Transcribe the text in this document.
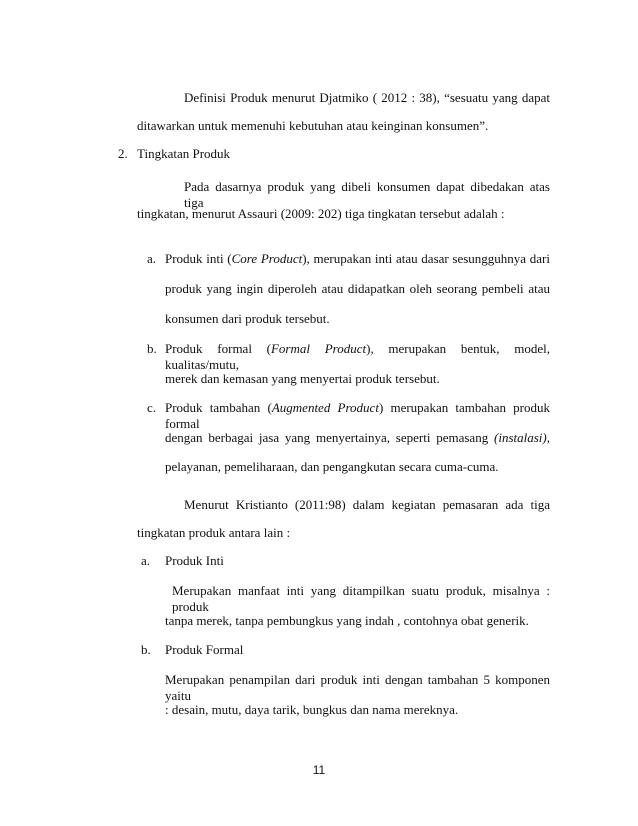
Definisi Produk menurut Djatmiko ( 2012 : 38), “sesuatu yang dapat
ditawarkan untuk memenuhi kebutuhan atau keinginan konsumen”.
2. Tingkatan Produk
Pada dasarnya produk yang dibeli konsumen dapat dibedakan atas tiga
tingkatan, menurut Assauri (2009: 202) tiga tingkatan tersebut adalah :
a. Produk inti (Core Product), merupakan inti atau dasar sesungguhnya dari
produk yang ingin diperoleh atau didapatkan oleh seorang pembeli atau
konsumen dari produk tersebut.
b. Produk formal (Formal Product), merupakan bentuk, model, kualitas/mutu,
merek dan kemasan yang menyertai produk tersebut.
c. Produk tambahan (Augmented Product) merupakan tambahan produk formal
dengan berbagai jasa yang menyertainya, seperti pemasang (instalasi),
pelayanan, pemeliharaan, dan pengangkutan secara cuma-cuma.
Menurut Kristianto (2011:98) dalam kegiatan pemasaran ada tiga
tingkatan produk antara lain :
a. Produk Inti
Merupakan manfaat inti yang ditampilkan suatu produk, misalnya : produk
tanpa merek, tanpa pembungkus yang indah , contohnya obat generik.
b. Produk Formal
Merupakan penampilan dari produk inti dengan tambahan 5 komponen yaitu
: desain, mutu, daya tarik, bungkus dan nama mereknya.
11
